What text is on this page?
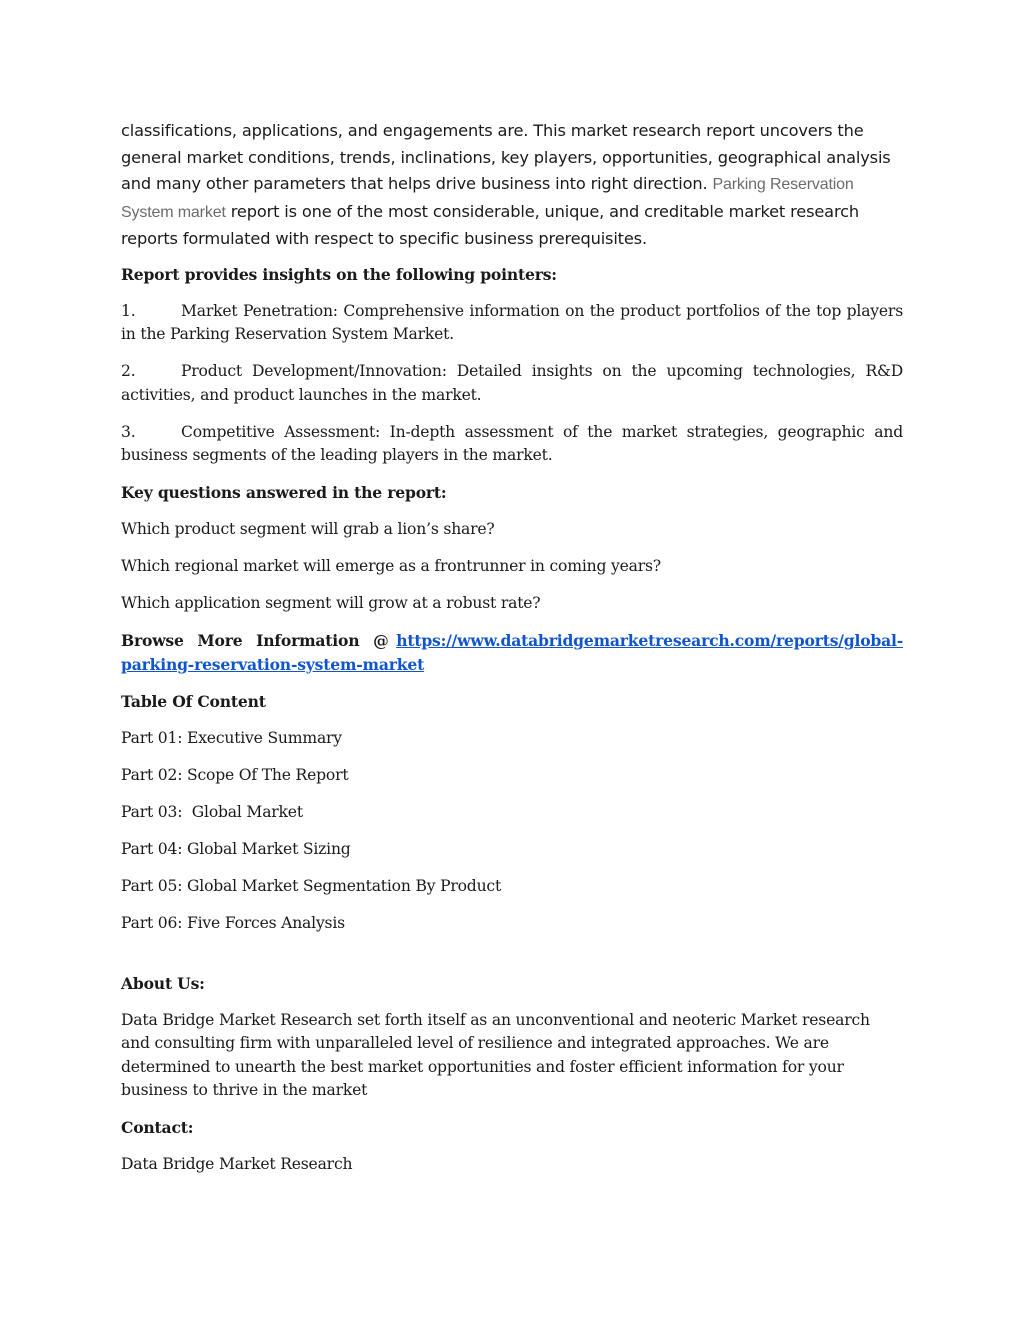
classifications, applications, and engagements are. This market research report uncovers the general market conditions, trends, inclinations, key players, opportunities, geographical analysis and many other parameters that helps drive business into right direction. Parking Reservation System market report is one of the most considerable, unique, and creditable market research reports formulated with respect to specific business prerequisites.

Report provides insights on the following pointers:

1.	Market Penetration: Comprehensive information on the product portfolios of the top players in the Parking Reservation System Market.

2.	Product Development/Innovation: Detailed insights on the upcoming technologies, R&D activities, and product launches in the market.

3.	Competitive Assessment: In-depth assessment of the market strategies, geographic and business segments of the leading players in the market.

Key questions answered in the report:

Which product segment will grab a lion’s share?

Which regional market will emerge as a frontrunner in coming years?

Which application segment will grow at a robust rate?

Browse More Information @ https://www.databridgemarketresearch.com/reports/global-parking-reservation-system-market

Table Of Content

Part 01: Executive Summary

Part 02: Scope Of The Report

Part 03:  Global Market

Part 04: Global Market Sizing

Part 05: Global Market Segmentation By Product

Part 06: Five Forces Analysis

About Us:

Data Bridge Market Research set forth itself as an unconventional and neoteric Market research and consulting firm with unparalleled level of resilience and integrated approaches. We are determined to unearth the best market opportunities and foster efficient information for your business to thrive in the market

Contact:

Data Bridge Market Research
